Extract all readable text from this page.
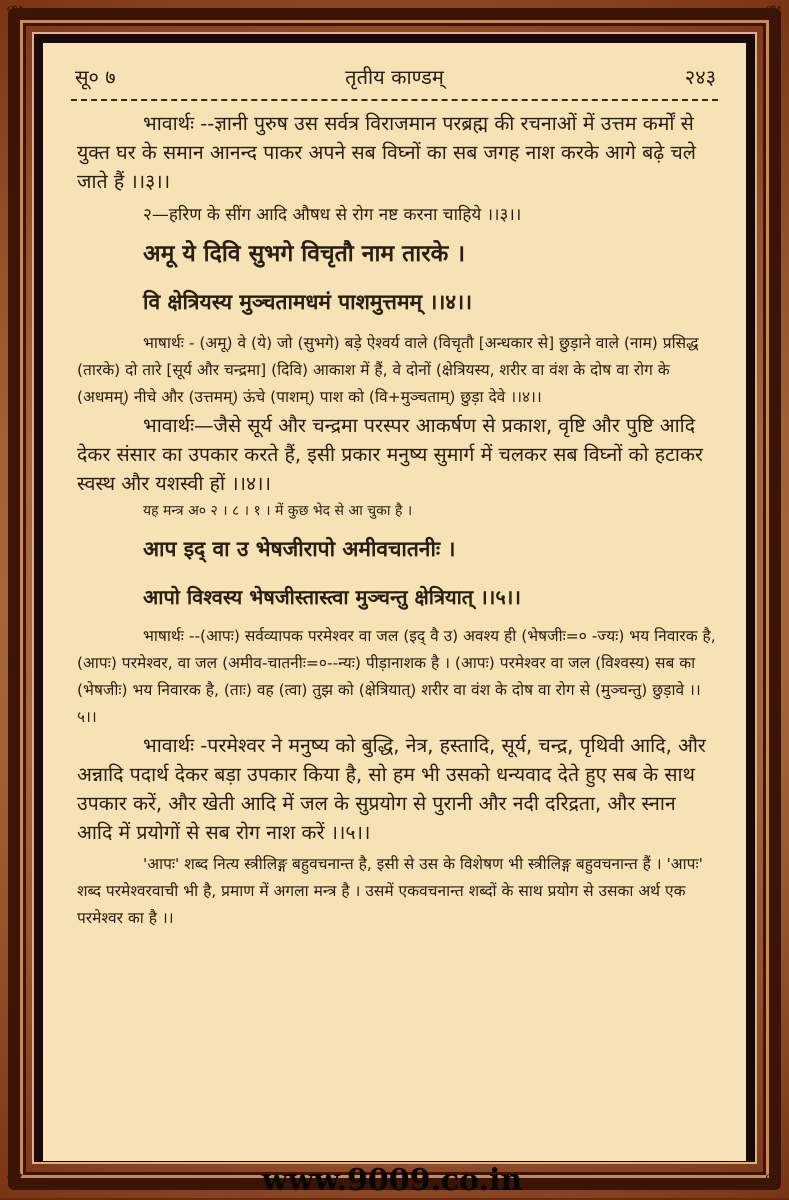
❦	❦
❦	❦
सू० ७	तृतीय काण्डम्	२४३

भावार्थः --ज्ञानी पुरुष उस सर्वत्र विराजमान परब्रह्म की रचनाओं में उत्तम कर्मों से युक्त घर के समान आनन्द पाकर अपने सब विघ्नों का सब जगह नाश करके आगे बढ़े चले जाते हैं ।।३।।

२—हरिण के सींग आदि औषध से रोग नष्ट करना चाहिये ।।३।।

अमू ये दिवि सुभगे विचृतौ नाम तारके ।

वि क्षेत्रियस्य मुञ्चतामधमं पाशमुत्तमम् ।।४।।

भाषार्थः - (अमू) वे (ये) जो (सुभगे) बड़े ऐश्वर्य वाले (विचृतौ [अन्धकार से] छुड़ाने वाले (नाम) प्रसिद्ध (तारके) दो तारे [सूर्य और चन्द्रमा] (दिवि) आकाश में हैं, वे दोनों (क्षेत्रियस्य, शरीर वा वंश के दोष वा रोग के (अधमम्) नीचे और (उत्तमम्) ऊंचे (पाशम्) पाश को (वि+मुञ्चताम्) छुड़ा देवे ।।४।।

भावार्थः—जैसे सूर्य और चन्द्रमा परस्पर आकर्षण से प्रकाश, वृष्टि और पुष्टि आदि देकर संसार का उपकार करते हैं, इसी प्रकार मनुष्य सुमार्ग में चलकर सब विघ्नों को हटाकर स्वस्थ और यशस्वी हों ।।४।।

यह मन्त्र अ० २ । ८ । १ । में कुछ भेद से आ चुका है ।

आप इद् वा उ भेषजीरापो अमीवचातनीः ।

आपो विश्वस्य भेषजीस्तास्त्वा मुञ्चन्तु क्षेत्रियात् ।।५।।

भाषार्थः --(आपः) सर्वव्यापक परमेश्वर वा जल (इद् वै उ) अवश्य ही (भेषजीः=० -ज्यः) भय निवारक है, (आपः) परमेश्वर, वा जल (अमीव-चातनीः=०--न्यः) पीड़ानाशक है । (आपः) परमेश्वर वा जल (विश्वस्य) सब का (भेषजीः) भय निवारक है, (ताः) वह (त्वा) तुझ को (क्षेत्रियात्) शरीर वा वंश के दोष वा रोग से (मुञ्चन्तु) छुड़ावे ।।५।।

भावार्थः -परमेश्वर ने मनुष्य को बुद्धि, नेत्र, हस्तादि, सूर्य, चन्द्र, पृथिवी आदि, और अन्नादि पदार्थ देकर बड़ा उपकार किया है, सो हम भी उसको धन्यवाद देते हुए सब के साथ उपकार करें, और खेती आदि में जल के सुप्रयोग से पुरानी और नदी दरिद्रता, और स्नान आदि में प्रयोगों से सब रोग नाश करें ।।५।।

'आपः' शब्द नित्य स्त्रीलिङ्ग बहुवचनान्त है, इसी से उस के विशेषण भी स्त्रीलिङ्ग बहुवचनान्त हैं । 'आपः' शब्द परमेश्वरवाची भी है, प्रमाण में अगला मन्त्र है । उसमें एकवचनान्त शब्दों के साथ प्रयोग से उसका अर्थ एक परमेश्वर का है ।।

❧ www.9009.co.in ☙
